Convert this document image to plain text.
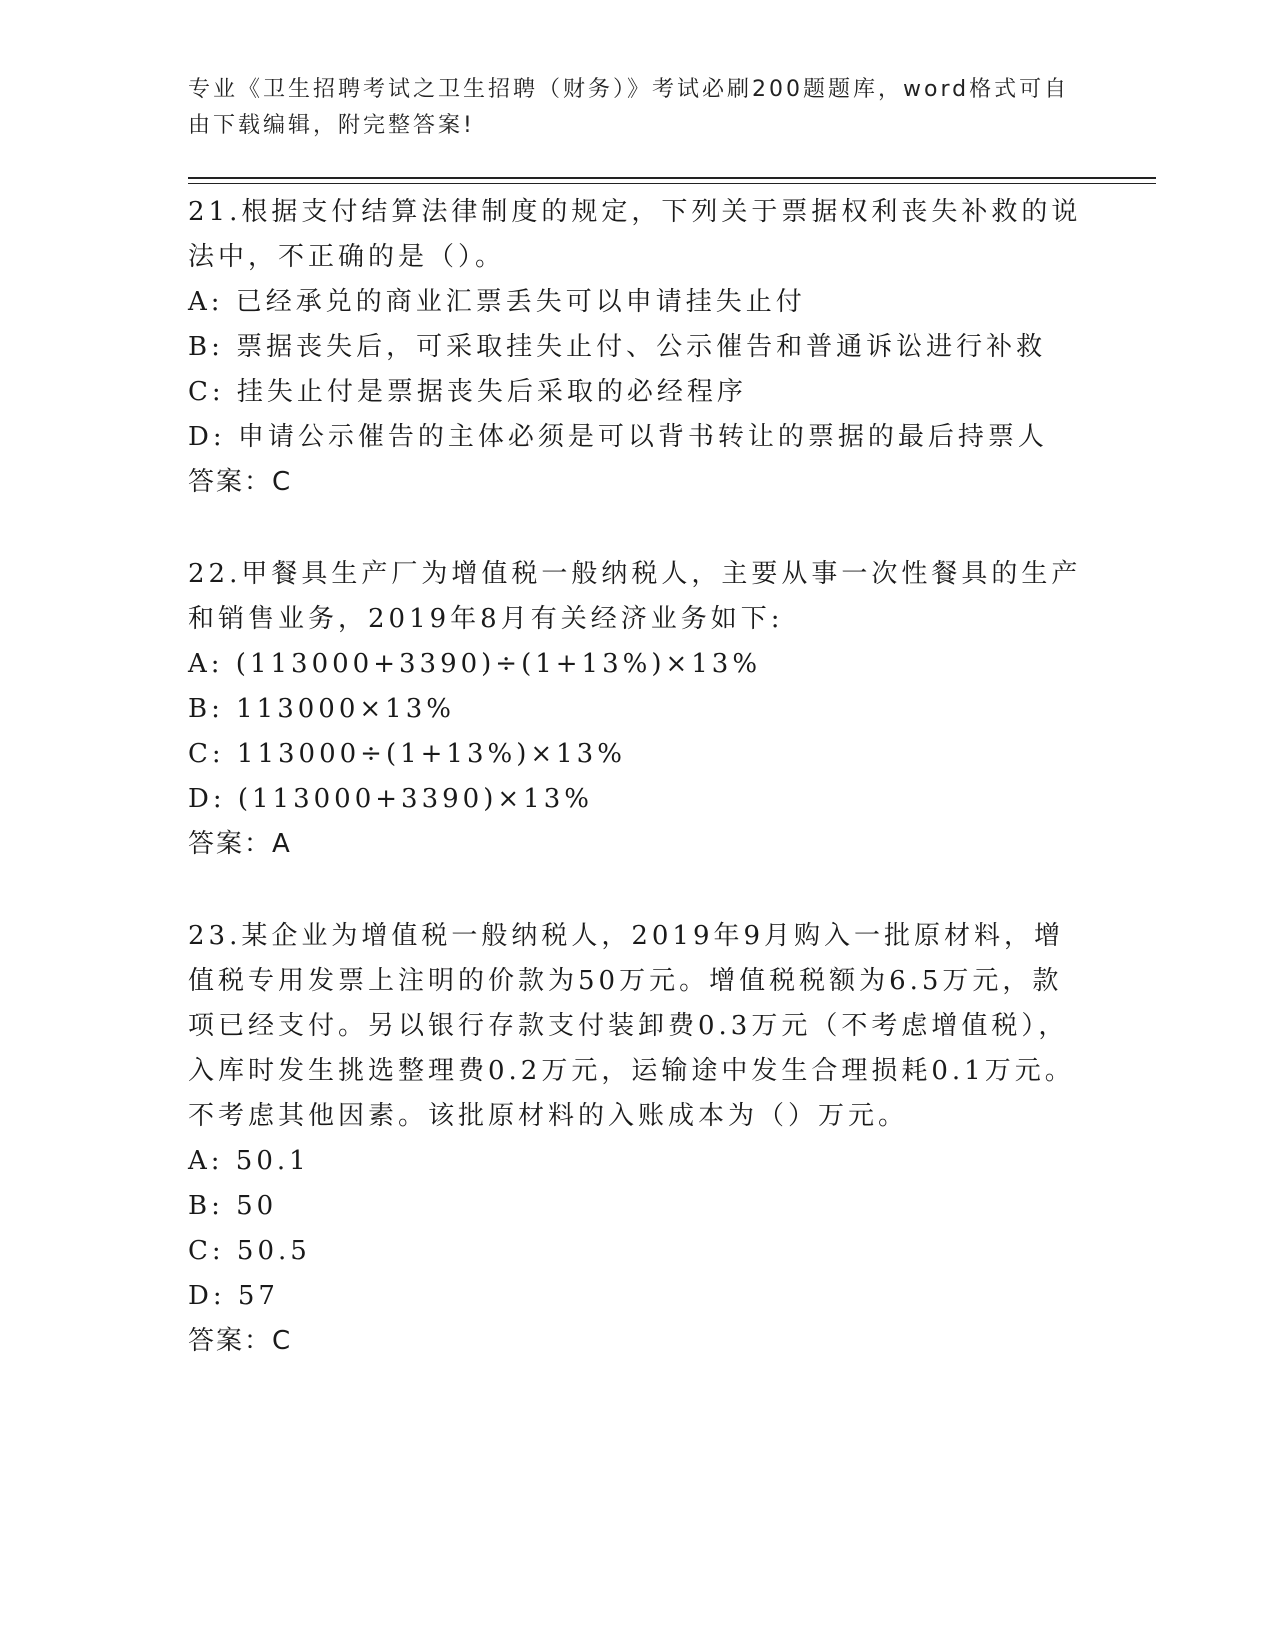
专业《卫生招聘考试之卫生招聘（财务）》考试必刷200题题库，word格式可自由下载编辑，附完整答案!

21.根据支付结算法律制度的规定，下列关于票据权利丧失补救的说法中，不正确的是（）。

A: 已经承兑的商业汇票丢失可以申请挂失止付

B: 票据丧失后，可采取挂失止付、公示催告和普通诉讼进行补救

C: 挂失止付是票据丧失后采取的必经程序

D: 申请公示催告的主体必须是可以背书转让的票据的最后持票人

答案：C

22.甲餐具生产厂为增值税一般纳税人，主要从事一次性餐具的生产和销售业务，2019年8月有关经济业务如下:

A: (113000+3390)÷(1+13%)×13%

B: 113000×13%

C: 113000÷(1+13%)×13%

D: (113000+3390)×13%

答案：A

23.某企业为增值税一般纳税人，2019年9月购入一批原材料，增值税专用发票上注明的价款为50万元。增值税税额为6.5万元，款项已经支付。另以银行存款支付装卸费0.3万元（不考虑增值税），入库时发生挑选整理费0.2万元，运输途中发生合理损耗0.1万元。不考虑其他因素。该批原材料的入账成本为（）万元。

A: 50.1

B: 50

C: 50.5

D: 57

答案：C
